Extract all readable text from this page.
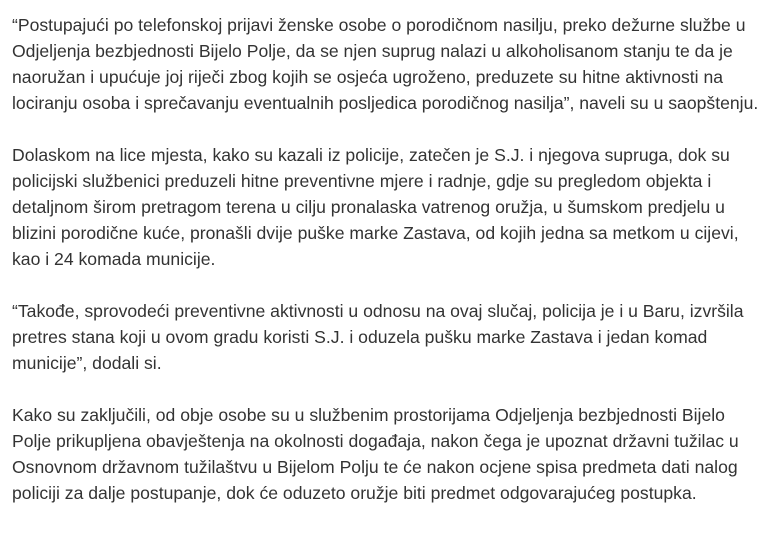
“Postupajući po telefonskoj prijavi ženske osobe o porodičnom nasilju, preko dežurne službe u Odjeljenja bezbjednosti Bijelo Polje, da se njen suprug nalazi u alkoholisanom stanju te da je naoružan i upućuje joj riječi zbog kojih se osjeća ugroženo, preduzete su hitne aktivnosti na lociranju osoba i sprečavanju eventualnih posljedica porodičnog nasilja”, naveli su u saopštenju.

Dolaskom na lice mjesta, kako su kazali iz policije, zatečen je S.J. i njegova supruga, dok su policijski službenici preduzeli hitne preventivne mjere i radnje, gdje su pregledom objekta i detaljnom širom pretragom terena u cilju pronalaska vatrenog oružja, u šumskom predjelu u blizini porodične kuće, pronašli dvije puške marke Zastava, od kojih jedna sa metkom u cijevi, kao i 24 komada municije.

“Takođe, sprovodeći preventivne aktivnosti u odnosu na ovaj slučaj, policija je i u Baru, izvršila pretres stana koji u ovom gradu koristi S.J. i oduzela pušku marke Zastava i jedan komad municije”, dodali si.

Kako su zaključili, od obje osobe su u službenim prostorijama Odjeljenja bezbjednosti Bijelo Polje prikupljena obavještenja na okolnosti događaja, nakon čega je upoznat državni tužilac u Osnovnom državnom tužilaštvu u Bijelom Polju te će nakon ocjene spisa predmeta dati nalog policiji za dalje postupanje, dok će oduzeto oružje biti predmet odgovarajućeg postupka.
